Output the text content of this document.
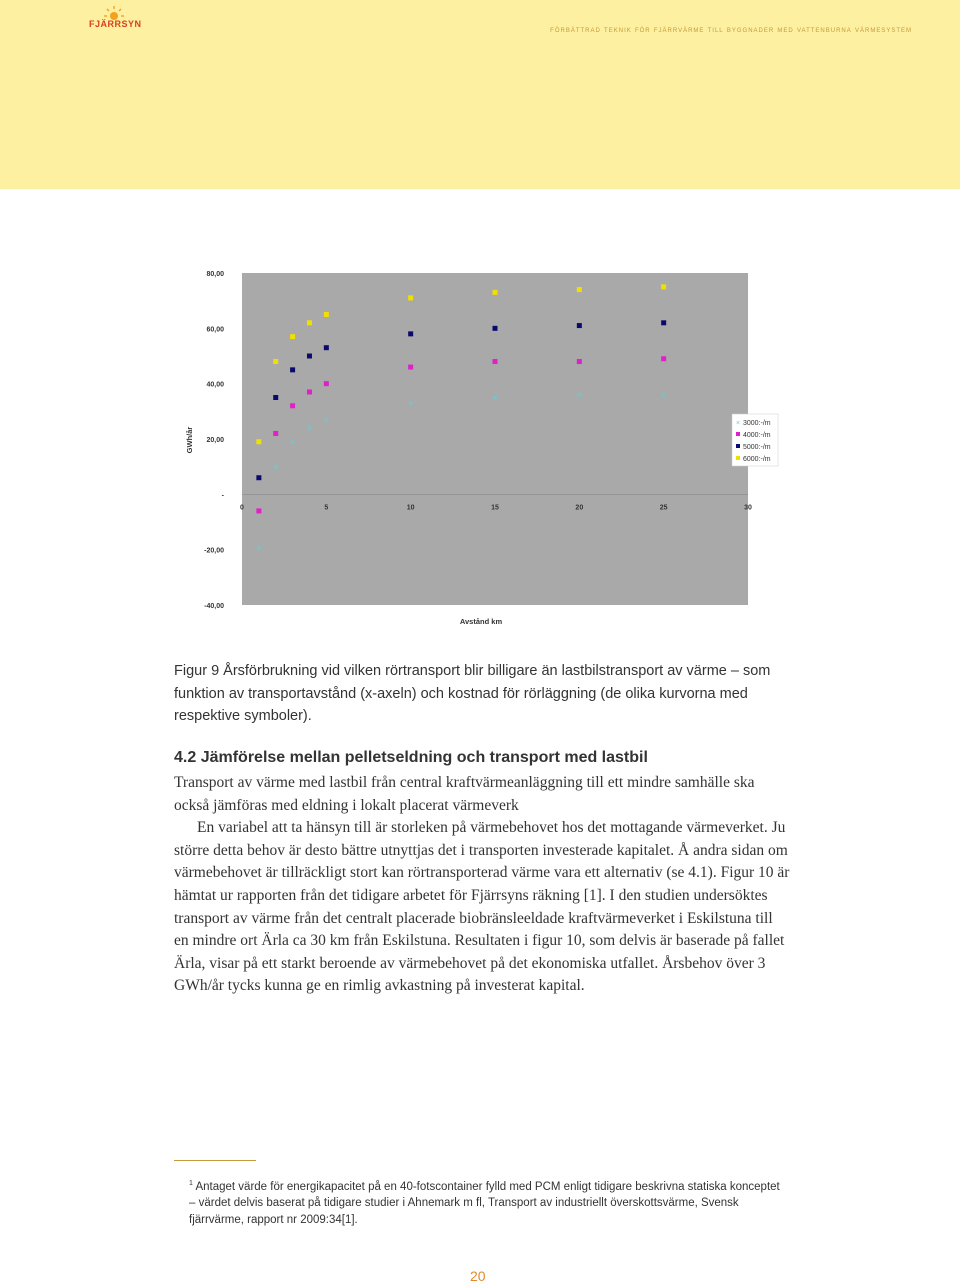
FJÄRRSYN
förbättrad teknik för fjärrvärme till byggnader med vattenburna värmesystem
80,00
60,00
40,00
20,00
-
-20,00
-40,00
0	5	10	15	20	25	30
Avstånd km
GWh/år
×
×
×
×
×
×
×	×	×
× 3000:-/m
4000:-/m
5000:-/m
6000:-/m
Figur 9 Årsförbrukning vid vilken rörtransport blir billigare än lastbilstransport av värme – som funktion av transportavstånd (x-axeln) och kostnad för rörläggning (de olika kurvorna med respektive symboler).
4.2 Jämförelse mellan pelletseldning och transport med lastbil

Transport av värme med lastbil från central kraftvärmeanläggning till ett mindre samhälle ska också jämföras med eldning i lokalt placerat värmeverk

En variabel att ta hänsyn till är storleken på värmebehovet hos det mottagande värmeverket. Ju större detta behov är desto bättre utnyttjas det i transporten investerade kapitalet. Å andra sidan om värmebehovet är tillräckligt stort kan rörtransporterad värme vara ett alternativ (se 4.1). Figur 10 är hämtat ur rapporten från det tidigare arbetet för Fjärrsyns räkning [1]. I den studien undersöktes transport av värme från det centralt placerade biobränsleeldade kraftvärmeverket i Eskilstuna till en mindre ort Ärla ca 30 km från Eskilstuna. Resultaten i figur 10, som delvis är baserade på fallet Ärla, visar på ett starkt beroende av värmebehovet på det ekonomiska utfallet. Årsbehov över 3 GWh/år tycks kunna ge en rimlig avkastning på investerat kapital.

$^1$ Antaget värde för energikapacitet på en 40-fotscontainer fylld med PCM enligt tidigare beskrivna statiska konceptet – värdet delvis baserat på tidigare studier i Ahnemark m fl, Transport av industriellt överskottsvärme, Svensk fjärrvärme, rapport nr 2009:34[1].
20
